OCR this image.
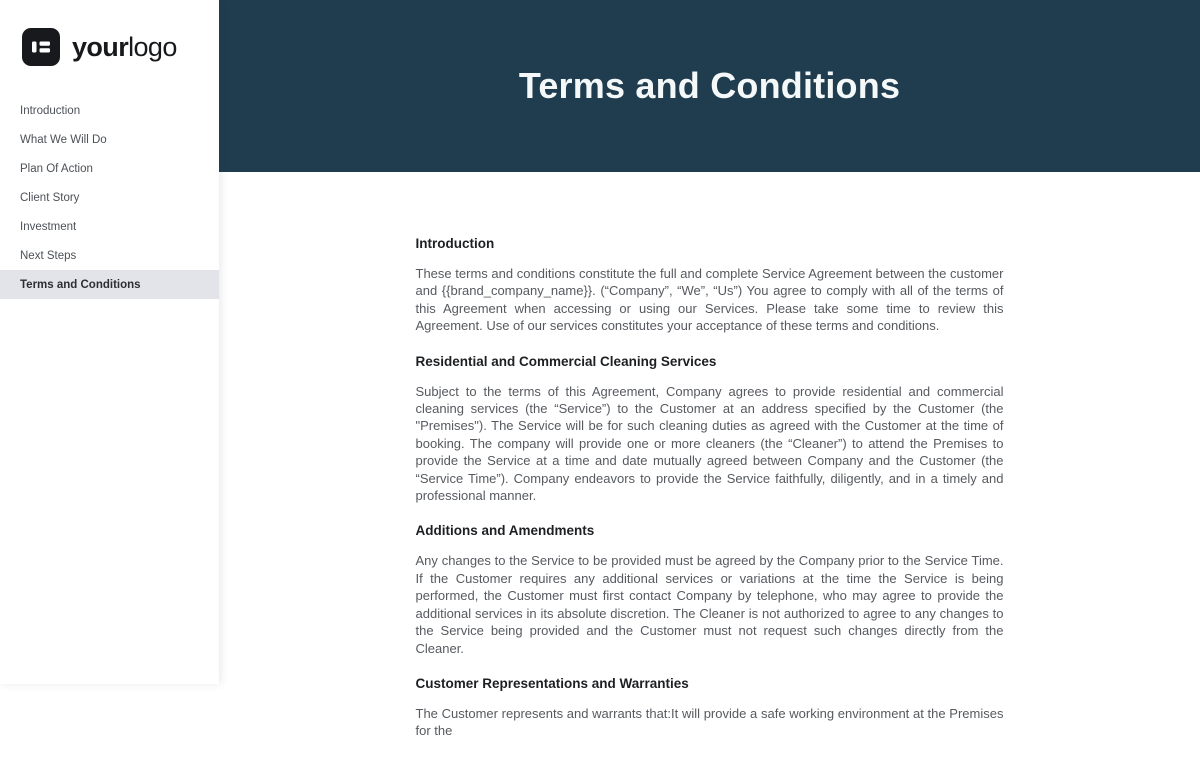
yourlogo
Introduction
What We Will Do
Plan Of Action
Client Story
Investment
Next Steps
Terms and Conditions
Terms and Conditions
Introduction

These terms and conditions constitute the full and complete Service Agreement between the customer and {{brand_company_name}}. (“Company”, “We”, “Us”) You agree to comply with all of the terms of this Agreement when accessing or using our Services. Please take some time to review this Agreement. Use of our services constitutes your acceptance of these terms and conditions.

Residential and Commercial Cleaning Services

Subject to the terms of this Agreement, Company agrees to provide residential and commercial cleaning services (the “Service”) to the Customer at an address specified by the Customer (the "Premises"). The Service will be for such cleaning duties as agreed with the Customer at the time of booking. The company will provide one or more cleaners (the “Cleaner”) to attend the Premises to provide the Service at a time and date mutually agreed between Company and the Customer (the “Service Time”). Company endeavors to provide the Service faithfully, diligently, and in a timely and professional manner.

Additions and Amendments

Any changes to the Service to be provided must be agreed by the Company prior to the Service Time. If the Customer requires any additional services or variations at the time the Service is being performed, the Customer must first contact Company by telephone, who may agree to provide the additional services in its absolute discretion. The Cleaner is not authorized to agree to any changes to the Service being provided and the Customer must not request such changes directly from the Cleaner.

Customer Representations and Warranties

The Customer represents and warrants that:It will provide a safe working environment at the Premises for the
